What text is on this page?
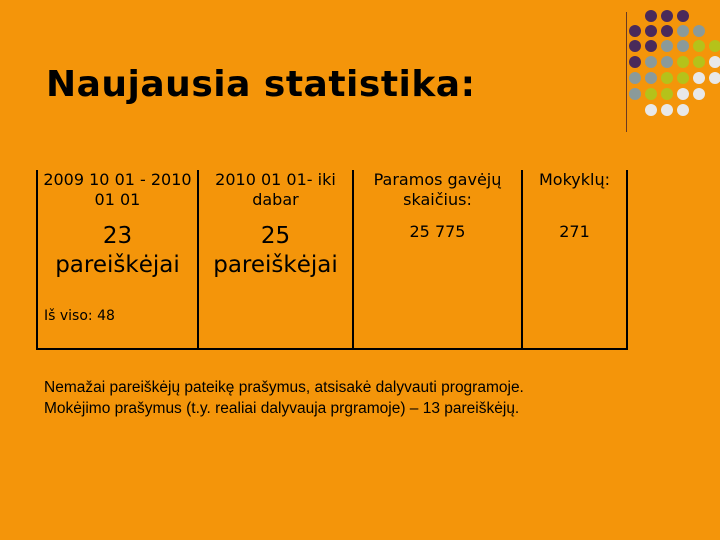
Naujausia statistika:
2009 10 01 - 2010 01 01	2010 01 01- iki dabar	Paramos gavėjų skaičius:	Mokyklų:
23 pareiškėjai	25 pareiškėjai	25 775	271
Iš viso: 48			

Nemažai pareiškėjų pateikę prašymus, atsisakė dalyvauti programoje.
Mokėjimo prašymus (t.y. realiai dalyvauja prgramoje) – 13 pareiškėjų.
